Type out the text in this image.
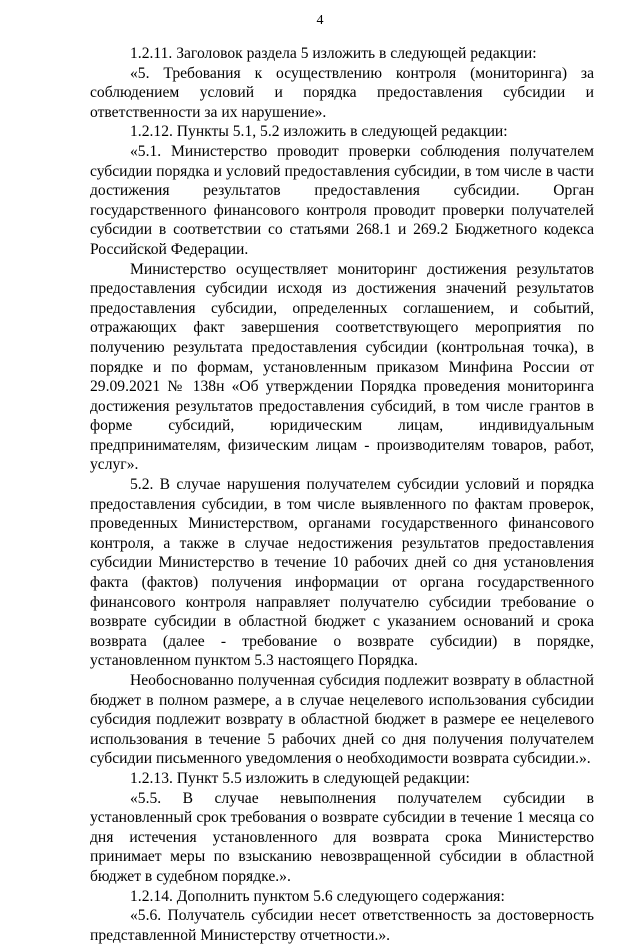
4

1.2.11. Заголовок раздела 5 изложить в следующей редакции:

«5. Требования к осуществлению контроля (мониторинга) за соблюдением условий и порядка предоставления субсидии и ответственности за их нарушение».

1.2.12. Пункты 5.1, 5.2 изложить в следующей редакции:

«5.1. Министерство проводит проверки соблюдения получателем субсидии порядка и условий предоставления субсидии, в том числе в части достижения результатов предоставления субсидии. Орган государственного финансового контроля проводит проверки получателей субсидии в соответствии со статьями 268.1 и 269.2 Бюджетного кодекса Российской Федерации.

Министерство осуществляет мониторинг достижения результатов предоставления субсидии исходя из достижения значений результатов предоставления субсидии, определенных соглашением, и событий, отражающих факт завершения соответствующего мероприятия по получению результата предоставления субсидии (контрольная точка), в порядке и по формам, установленным приказом Минфина России от 29.09.2021 № 138н «Об утверждении Порядка проведения мониторинга достижения результатов предоставления субсидий, в том числе грантов в форме субсидий, юридическим лицам, индивидуальным предпринимателям, физическим лицам - производителям товаров, работ, услуг».

5.2. В случае нарушения получателем субсидии условий и порядка предоставления субсидии, в том числе выявленного по фактам проверок, проведенных Министерством, органами государственного финансового контроля, а также в случае недостижения результатов предоставления субсидии Министерство в течение 10 рабочих дней со дня установления факта (фактов) получения информации от органа государственного финансового контроля направляет получателю субсидии требование о возврате субсидии в областной бюджет с указанием оснований и срока возврата (далее - требование о возврате субсидии) в порядке, установленном пунктом 5.3 настоящего Порядка.

Необоснованно полученная субсидия подлежит возврату в областной бюджет в полном размере, а в случае нецелевого использования субсидии субсидия подлежит возврату в областной бюджет в размере ее нецелевого использования в течение 5 рабочих дней со дня получения получателем субсидии письменного уведомления о необходимости возврата субсидии.».

1.2.13. Пункт 5.5 изложить в следующей редакции:

«5.5. В случае невыполнения получателем субсидии в установленный срок требования о возврате субсидии в течение 1 месяца со дня истечения установленного для возврата срока Министерство принимает меры по взысканию невозвращенной субсидии в областной бюджет в судебном порядке.».

1.2.14. Дополнить пунктом 5.6 следующего содержания:

«5.6. Получатель субсидии несет ответственность за достоверность представленной Министерству отчетности.».
